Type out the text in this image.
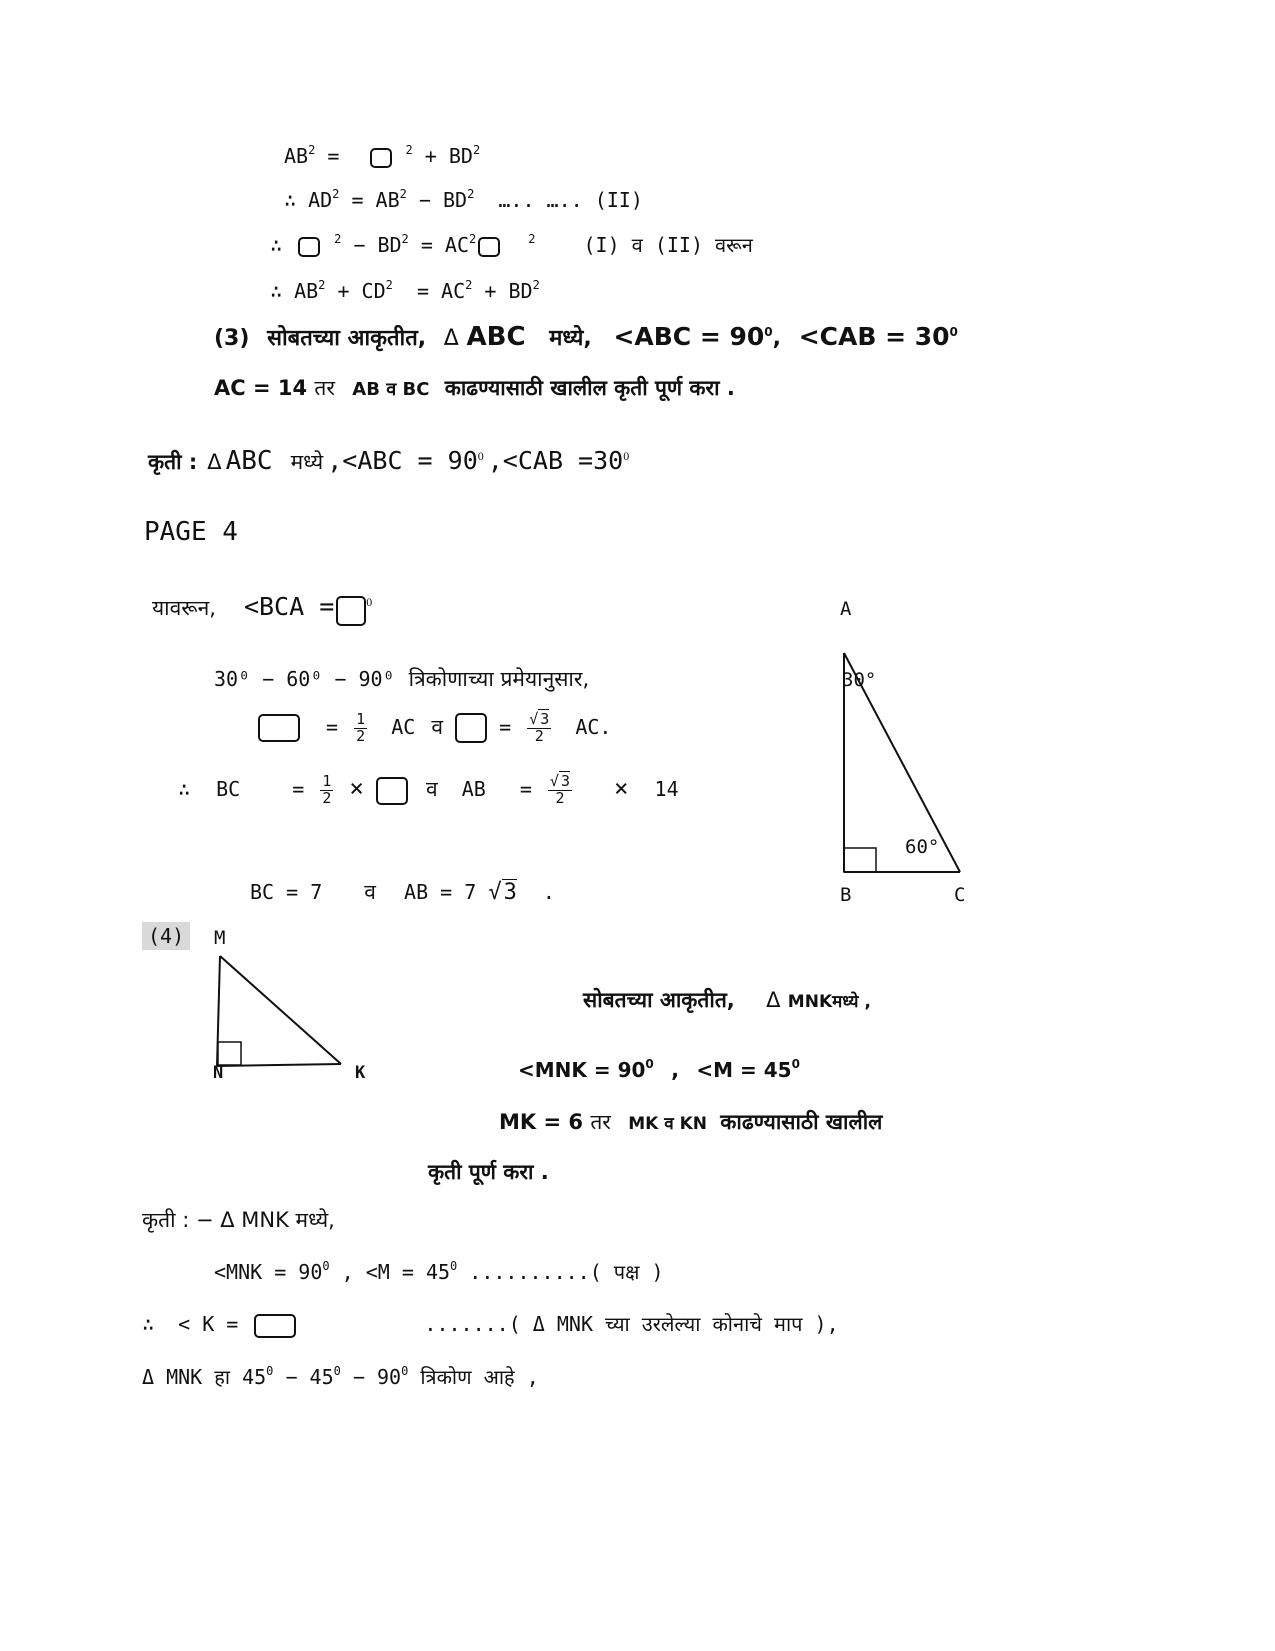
$AB^2$ =	$^2 + BD^2$
∴ $AD^2 = AB^2 - BD^2$  ….. ….. (II)
∴	$^2 - BD^2 = AC^2$	$^2$ (I) व (II) वरून
∴ $AB^2 + CD^2 = AC^2 + BD^2$
(3) सोबतच्या आकृतीत, Δ ABC मध्ये, $<ABC = 90^0$, $<CAB = 30^0$
AC = 14 तर AB व BC काढण्यासाठी खालील कृती पूर्ण करा .
कृती : Δ ABC मध्ये $,<ABC = 90^0$ $,<CAB =30^0$
PAGE 4
यावरून, <BCA =	$^0$
30⁰ − 60⁰ − 90⁰ त्रिकोणाच्या प्रमेयानुसार,
= $\frac{1}{2}$ AC व	= $\frac{√ 3}{2}$ AC.
∴ BC	= $\frac{1}{2}$ ×	व AB = $\frac{√ 3}{2} \times 14$
BC = 7 व AB = 7 √3 .
A
30°
60°
B	C
(4)	M
N	K
सोबतच्या आकृतीत, Δ MNKमध्ये ,
$<MNK = 90^0$ , $<M = 45^0$
MK = 6 तर MK व KN काढण्यासाठी खालील
कृती पूर्ण करा .
कृती : − Δ MNK मध्ये,
$<MNK = 90^0$ , $<M = 45^0$ ..........( पक्ष )
∴  < K =	.......( Δ MNK च्या उरलेल्या कोनाचे माप ),
Δ MNK हा $45^0 - 45^0 - 90^0$ त्रिकोण आहे ,
